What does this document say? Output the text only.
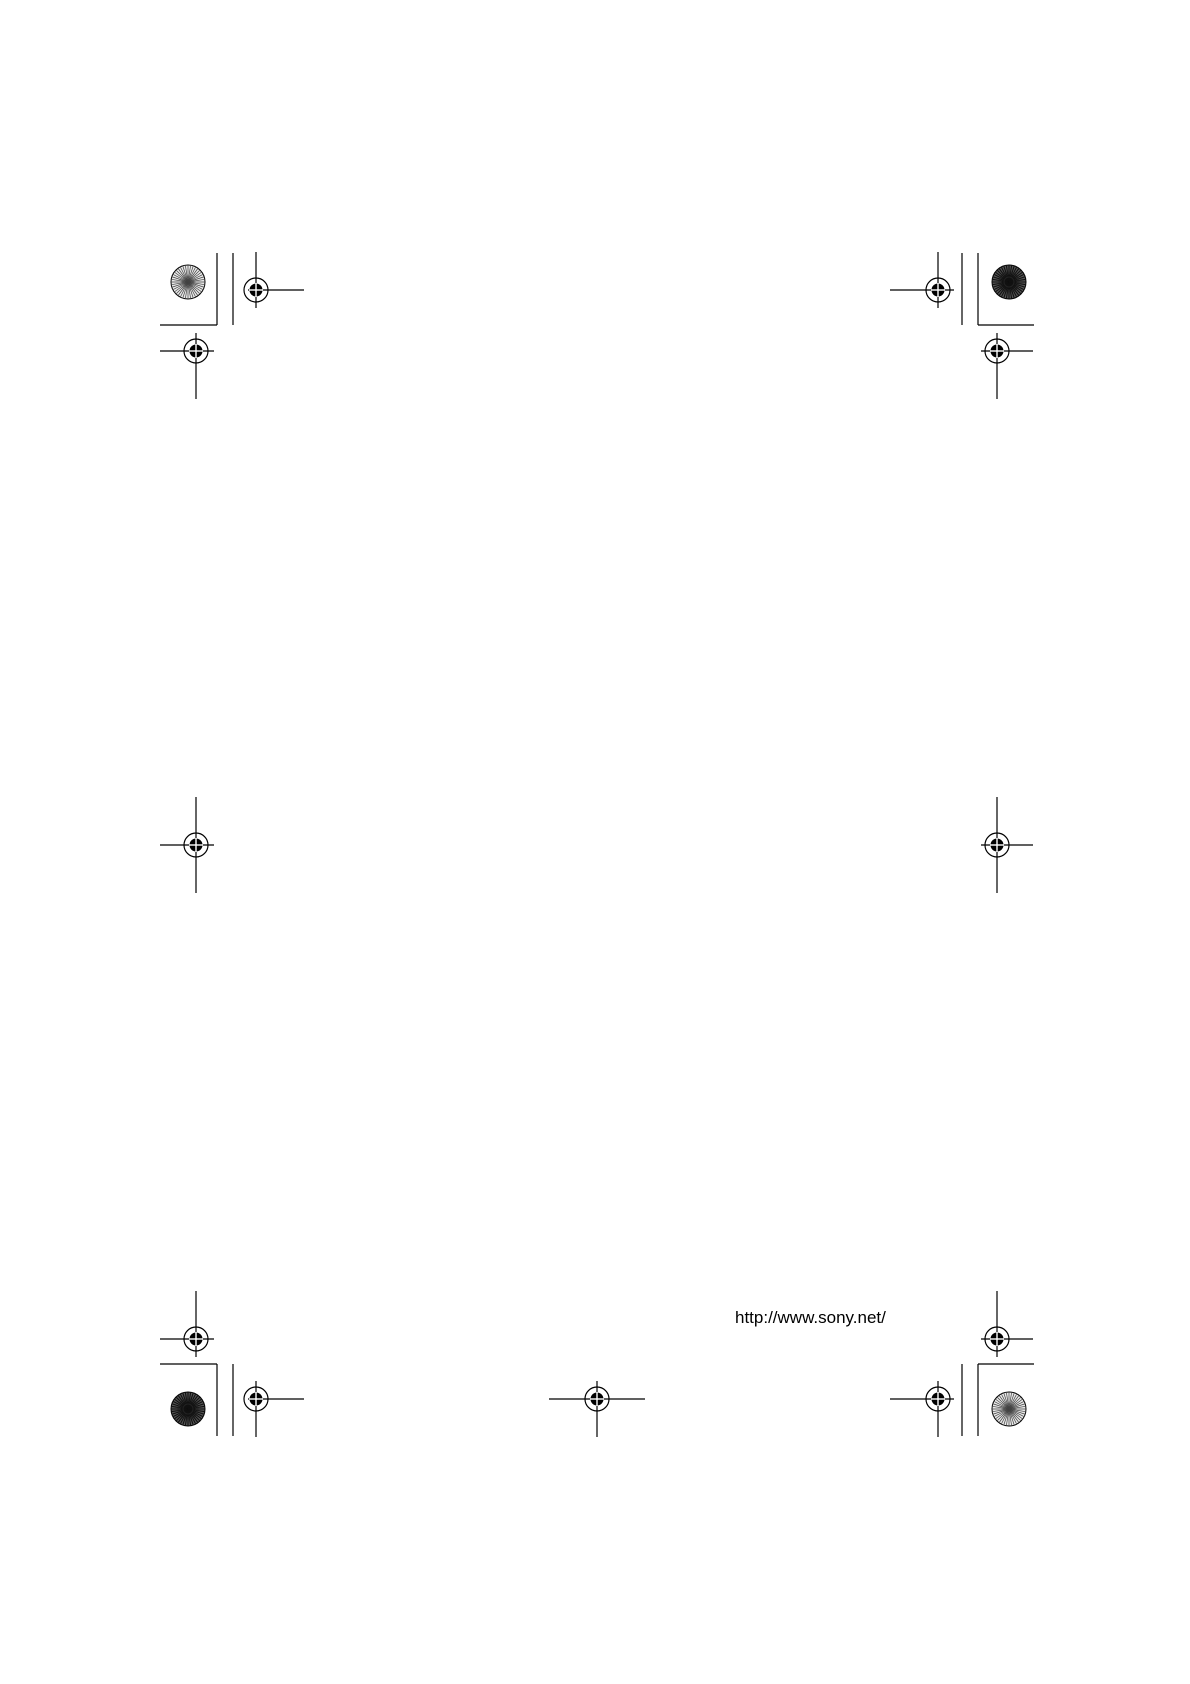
http://www.sony.net/
